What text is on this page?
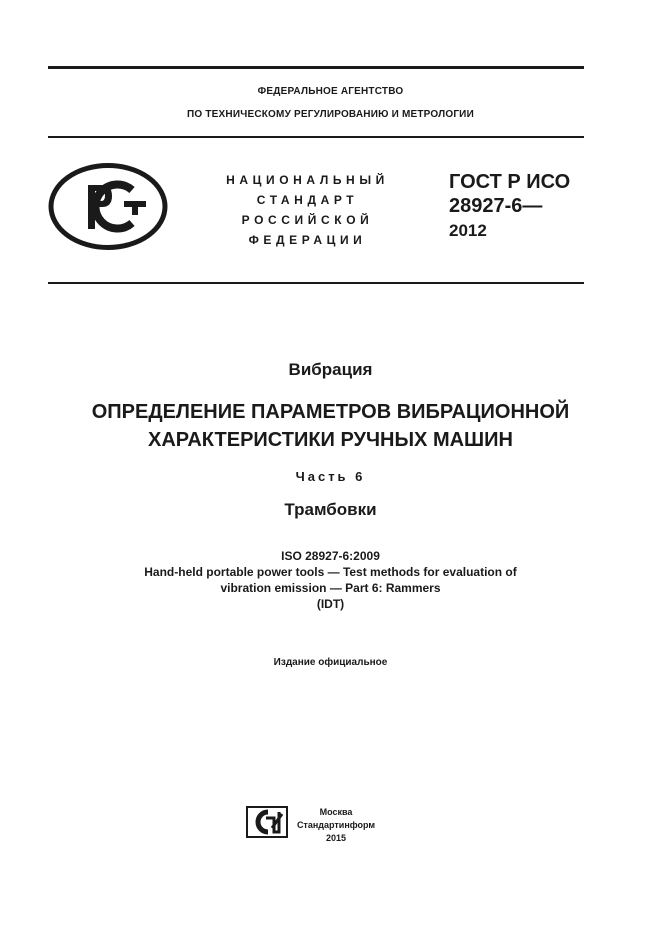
ФЕДЕРАЛЬНОЕ АГЕНТСТВО
ПО ТЕХНИЧЕСКОМУ РЕГУЛИРОВАНИЮ И МЕТРОЛОГИИ
НАЦИОНАЛЬНЫЙ
СТАНДАРТ
РОССИЙСКОЙ
ФЕДЕРАЦИИ
ГОСТ Р ИСО
28927-6—
2012
Вибрация
ОПРЕДЕЛЕНИЕ ПАРАМЕТРОВ ВИБРАЦИОННОЙ
ХАРАКТЕРИСТИКИ РУЧНЫХ МАШИН
Часть 6
Трамбовки
ISO 28927-6:2009
Hand-held portable power tools — Test methods for evaluation of
vibration emission — Part 6: Rammers
(IDT)
Издание официальное
Москва
Стандартинформ
2015
